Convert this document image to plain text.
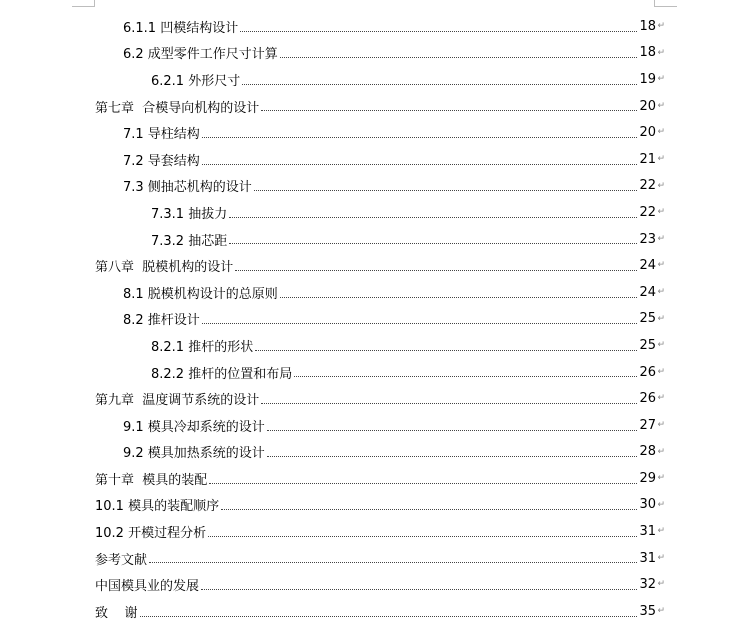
6.1.1 凹模结构设计	18 ↵
6.2 成型零件工作尺寸计算	18 ↵
6.2.1 外形尺寸	19 ↵
第七章  合模导向机构的设计	20 ↵
7.1 导柱结构	20 ↵
7.2 导套结构	21 ↵
7.3 侧抽芯机构的设计	22 ↵
7.3.1 抽拔力	22 ↵
7.3.2 抽芯距	23 ↵
第八章  脱模机构的设计	24 ↵
8.1 脱模机构设计的总原则	24 ↵
8.2 推杆设计	25 ↵
8.2.1 推杆的形状	25 ↵
8.2.2 推杆的位置和布局	26 ↵
第九章  温度调节系统的设计	26 ↵
9.1 模具冷却系统的设计	27 ↵
9.2 模具加热系统的设计	28 ↵
第十章  模具的装配	29 ↵
10.1 模具的装配顺序	30 ↵
10.2 开模过程分析	31 ↵
参考文献	31 ↵
中国模具业的发展	32 ↵
致    谢	35 ↵
